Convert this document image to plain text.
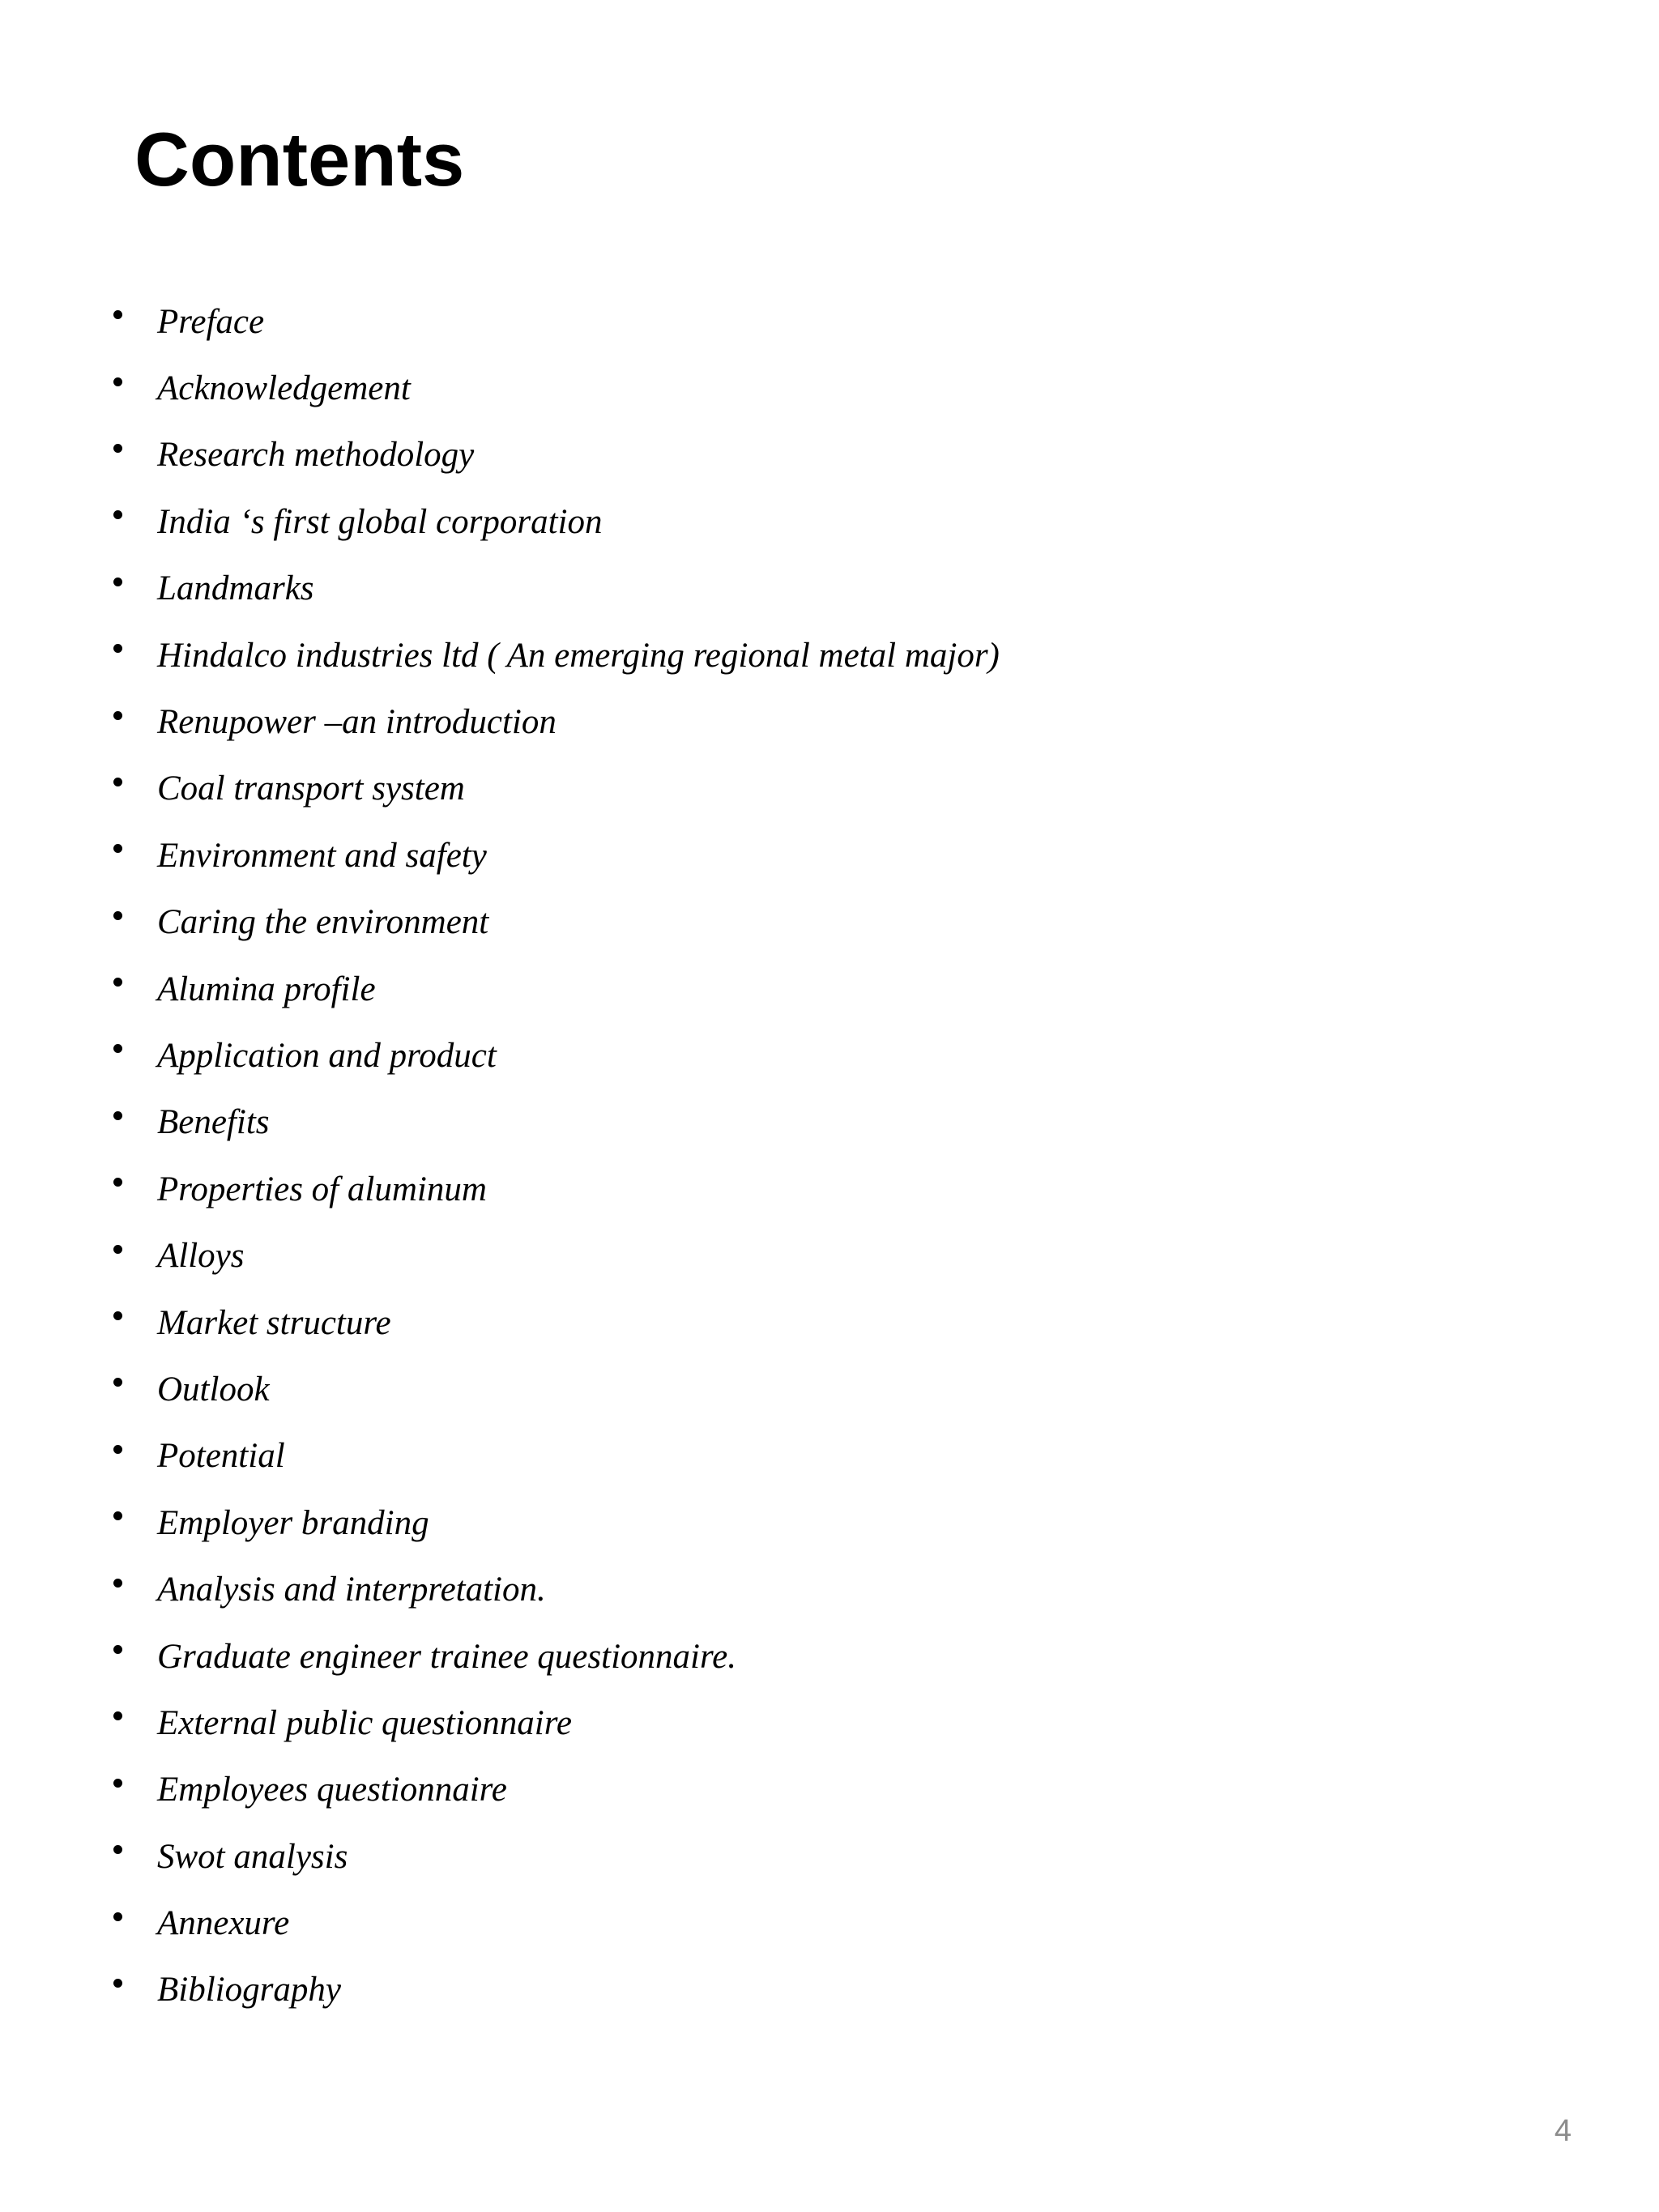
Contents
Preface
Acknowledgement
Research methodology
India ‘s first global corporation
Landmarks
Hindalco industries ltd ( An emerging regional metal major)
Renupower –an introduction
Coal transport system
Environment and safety
Caring the environment
Alumina profile
Application and product
Benefits
Properties of aluminum
Alloys
Market structure
Outlook
Potential
Employer branding
Analysis and interpretation.
Graduate engineer trainee questionnaire.
External public questionnaire
Employees questionnaire
Swot analysis
Annexure
Bibliography
4
